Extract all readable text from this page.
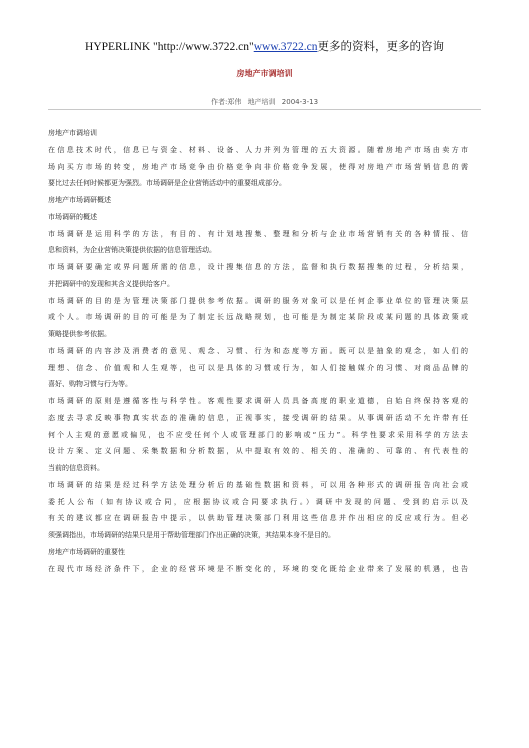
HYPERLINK "http://www.3722.cn"www.3722.cn更多的资料，更多的咨询
房地产市调培训
作者:郑伟 地产培训 2004-3-13
房地产市调培训
在信息技术时代，信息已与资金、材料、设备、人力并列为管理的五大资源。随着房地产市场由卖方市
场向买方市场的转变，房地产市场竞争由价格竞争向非价格竞争发展，使得对房地产市场营销信息的需
要比过去任何时候都更为强烈。市场调研是企业营销活动中的重要组成部分。
房地产市场调研概述
市场调研的概述
市场调研是运用科学的方法，有目的、有计划地搜集、整理和分析与企业市场营销有关的各种情报、信
息和资料，为企业营销决策提供依据的信息管理活动。
市场调研要确定或界问题所需的信息，设计搜集信息的方法，监督和执行数据搜集的过程，分析结果，
并把调研中的发现和其含义提供给客户。
市场调研的目的是为管理决策部门提供参考依据。调研的服务对象可以是任何企事业单位的管理决策层
或个人。市场调研的目的可能是为了制定长远战略规划，也可能是为制定某阶段或某问题的具体政策或
策略提供参考依据。
市场调研的内容涉及消费者的意见、观念、习惯、行为和态度等方面。既可以是抽象的观念，如人们的
理想、信念、价值观和人生观等，也可以是具体的习惯或行为，如人们接触媒介的习惯、对商品品牌的
喜好、购物习惯与行为等。
市场调研的原则是遵循客性与科学性。客观性要求调研人员具备高度的职业道德，自始自终保持客观的
态度去寻求反映事物真实状态的准确的信息，正视事实，接受调研的结果。从事调研活动不允许带有任
何个人主观的意愿或偏见，也不应受任何个人或管理部门的影响或“压力”。科学性要求采用科学的方法去
设计方案、定义问题、采集数据和分析数据，从中提取有效的、相关的、准确的、可靠的、有代表性的
当前的信息资料。
市场调研的结果是经过科学方法处理分析后的基础性数据和资料，可以用各种形式的调研报告向社会或
委托人公布（如有协议或合同，应根据协议或合同要求执行。）调研中发现的问题、受到的启示以及
有关的建议都应在调研报告中提示，以供助管理决策部门利用这些信息并作出相应的反应或行为。但必
须强调指出，市场调研的结果只是用于帮助管理部门作出正确的决策，其结果本身不是目的。
房地产市场调研的重要性
在现代市场经济条件下，企业的经营环境是不断变化的，环境的变化既给企业带来了发展的机遇，也告
